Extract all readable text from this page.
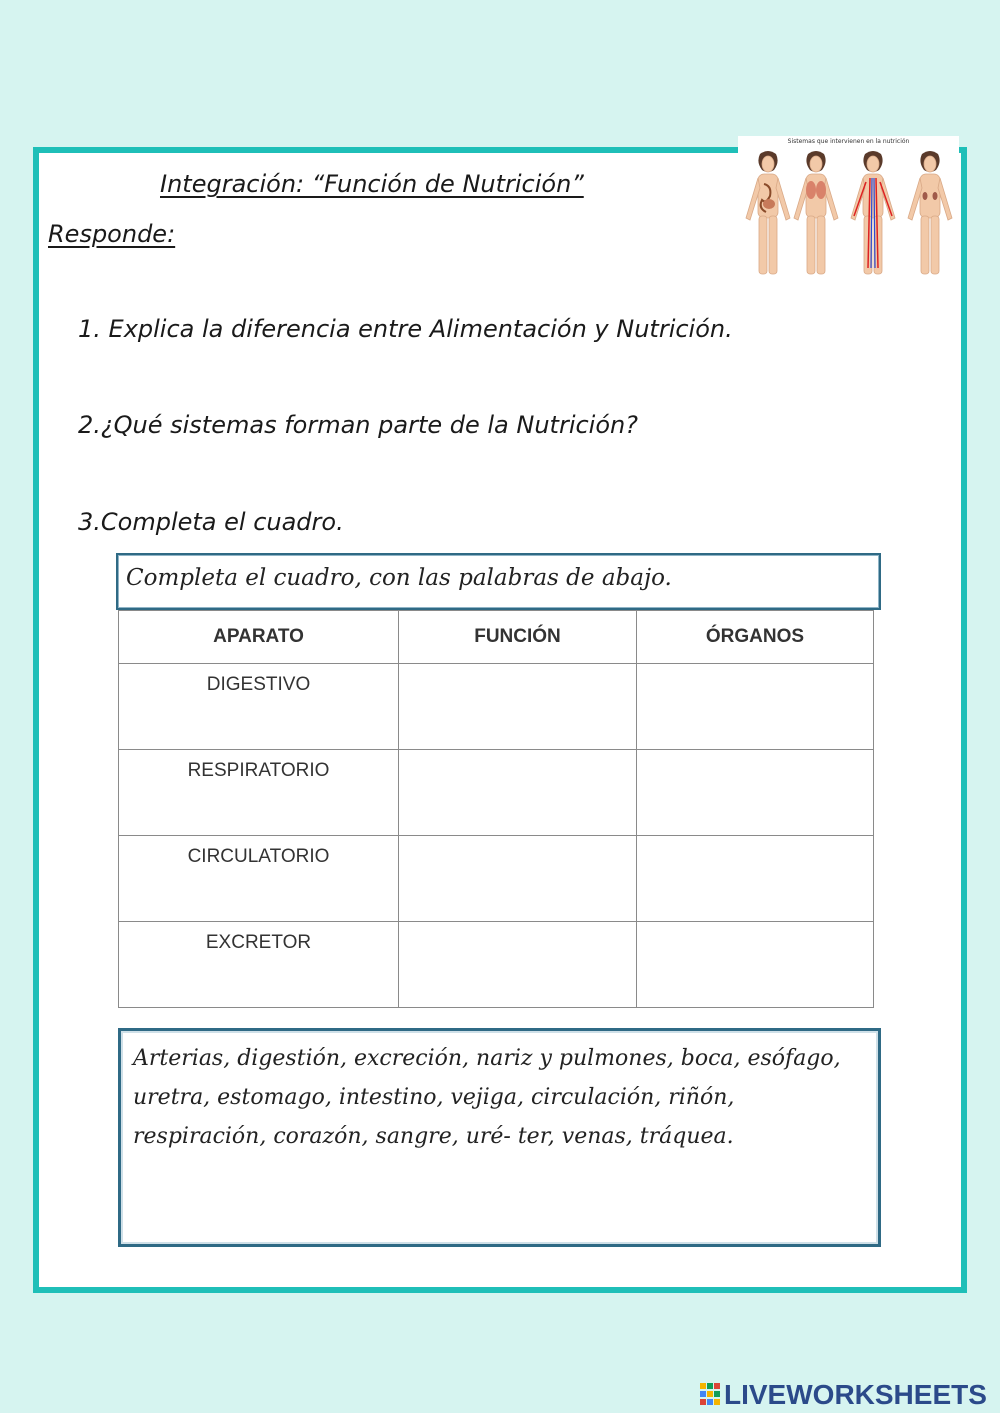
Integración: “Función de Nutrición”
Responde:
1. Explica la diferencia entre Alimentación y Nutrición.
2.¿Qué sistemas forman parte de la Nutrición?
3.Completa el cuadro.
Sistemas que intervienen en la nutrición
Completa el cuadro, con las palabras de abajo.
APARATO	FUNCIÓN	ÓRGANOS
DIGESTIVO		
RESPIRATORIO		
CIRCULATORIO		
EXCRETOR		

Arterias, digestión, excreción, nariz y pulmones, boca, esófago, uretra, estomago, intestino, vejiga, circulación, riñón, respiración, corazón, sangre, uré- ter, venas, tráquea.

LIVEWORKSHEETS
